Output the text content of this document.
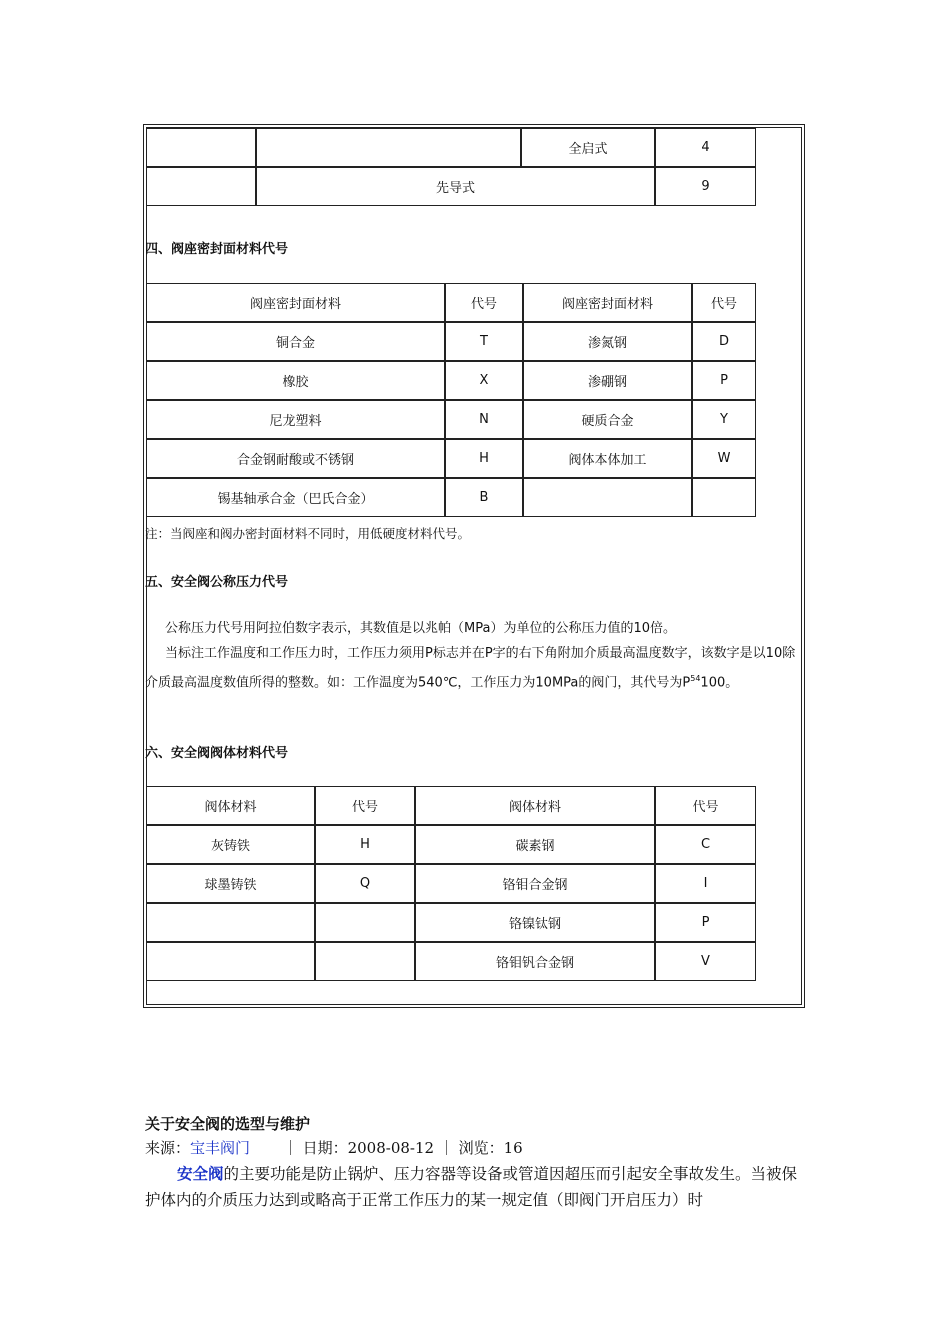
		全启式	4
	先导式		9
四、阀座密封面材料代号
阀座密封面材料	代号	阀座密封面材料	代号
铜合金	T	渗氮钢	D
橡胶	X	渗硼钢	P
尼龙塑料	N	硬质合金	Y
合金钢耐酸或不锈钢	H	阀体本体加工	W
锡基轴承合金（巴氏合金）	B		
注：当阀座和阀办密封面材料不同时，用低硬度材料代号。
五、安全阀公称压力代号

公称压力代号用阿拉伯数字表示，其数值是以兆帕（MPa）为单位的公称压力值的10倍。

当标注工作温度和工作压力时，工作压力须用P标志并在P字的右下角附加介质最高温度数字，该数字是以10除介质最高温度数值所得的整数。如：工作温度为540℃，工作压力为10MPa的阀门，其代号为$P^{54}100$。

六、安全阀阀体材料代号
阀体材料	代号	阀体材料	代号
灰铸铁	H	碳素钢	C
球墨铸铁	Q	铬钼合金钢	I
		铬镍钛钢	P
		铬钼钒合金钢	V
关于安全阀的选型与维护
来源：宝丰阀门 ｜ 日期：2008-08-12 ｜ 浏览：16

安全阀的主要功能是防止锅炉、压力容器等设备或管道因超压而引起安全事故发生。当被保护体内的介质压力达到或略高于正常工作压力的某一规定值（即阀门开启压力）时
